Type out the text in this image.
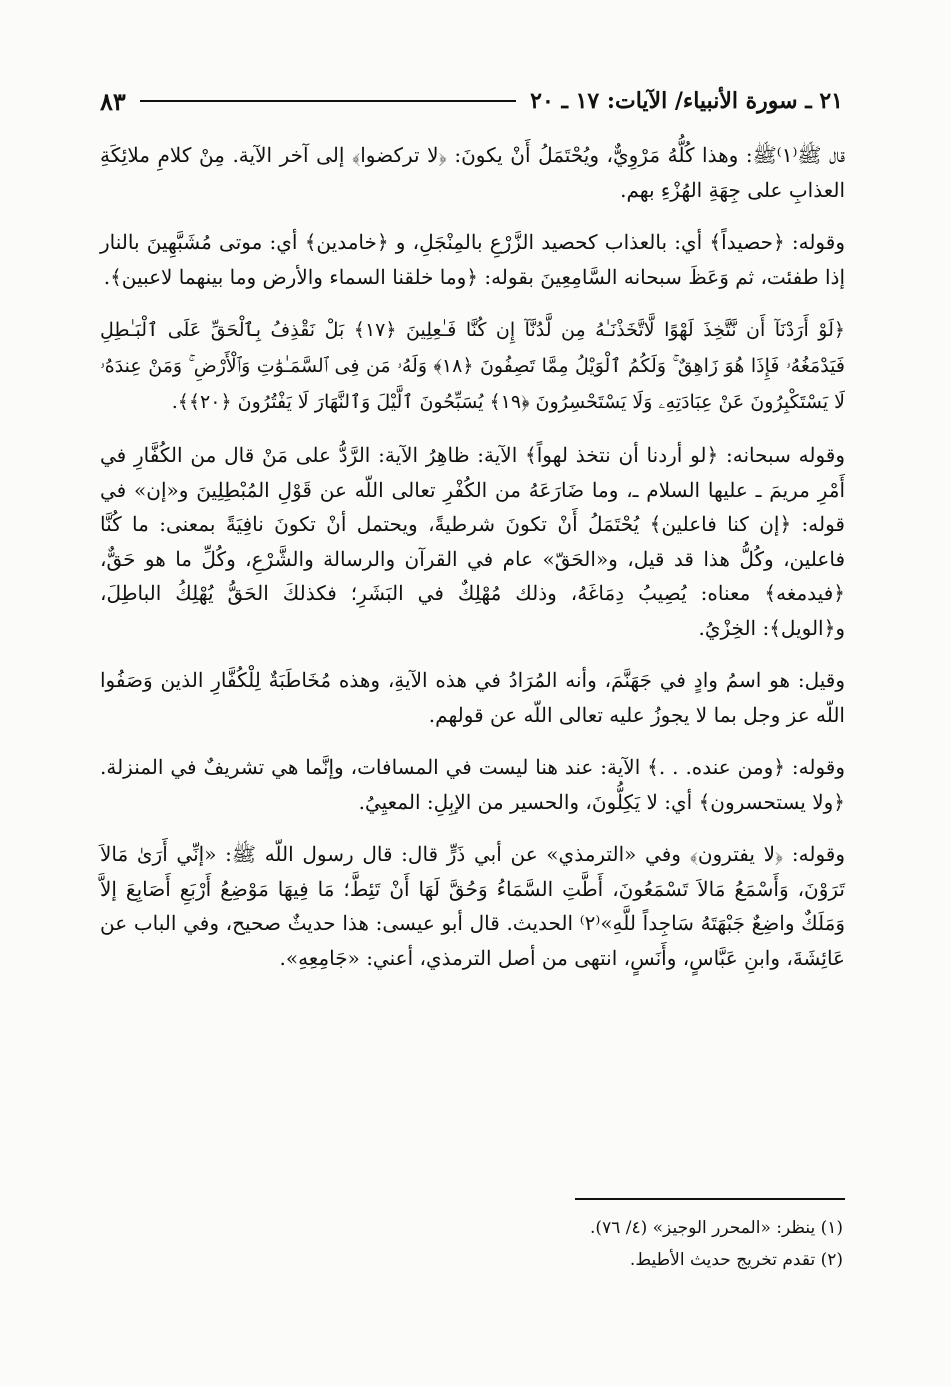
٢١ ـ سورة الأنبياء/ الآيات: ١٧ ـ ٢٠
٨٣

قال ﷺ⁽١⁾ﷺ: وهذا كُلُّهُ مَرْوِيٌّ، ويُحْتَمَلُ أَنْ يكونَ: ﴿لا تركضوا﴾ إلى آخر الآية. مِنْ كلامِ ملائِكَةِ العذابِ على جِهَةِ الهُزْءِ بهم.

وقوله: ﴿حصيداً﴾ أي: بالعذاب كحصيد الزَّرْعِ بالمِنْجَلِ، و ﴿خامدين﴾ أي: موتى مُشَبَّهِينَ بالنار إذا طفئت، ثم وَعَظَ سبحانه السَّامِعِينَ بقوله: ﴿وما خلقنا السماء والأرض وما بينهما لاعبين﴾.

﴿لَوْ أَرَدْنَآ أَن نَّتَّخِذَ لَهْوًا لَّاتَّخَذْنَـٰهُ مِن لَّدُنَّآ إِن كُنَّا فَـٰعِلِينَ ﴿١٧﴾ بَلْ نَقْذِفُ بِٱلْحَقِّ عَلَى ٱلْبَـٰطِلِ فَيَدْمَغُهُۥ فَإِذَا هُوَ زَاهِقٌ ۚ وَلَكُمُ ٱلْوَيْلُ مِمَّا تَصِفُونَ ﴿١٨﴾ وَلَهُۥ مَن فِى ٱلسَّمَـٰوَٰتِ وَٱلْأَرْضِ ۚ وَمَنْ عِندَهُۥ لَا يَسْتَكْبِرُونَ عَنْ عِبَادَتِهِۦ وَلَا يَسْتَحْسِرُونَ ﴿١٩﴾ يُسَبِّحُونَ ٱلَّيْلَ وَٱلنَّهَارَ لَا يَفْتُرُونَ ﴿٢٠﴾﴾.

وقوله سبحانه: ﴿لو أردنا أن نتخذ لهواً﴾ الآية: ظاهِرُ الآية: الرَّدُّ على مَنْ قال من الكُفَّارِ في أَمْرِ مريمَ ـ عليها السلام ـ، وما ضَارَعَهُ من الكُفْرِ تعالى اللّه عن قَوْلِ المُبْطِلِينَ و«إن» في قوله: ﴿إن كنا فاعلين﴾ يُحْتَمَلُ أَنْ تكونَ شرطيةً، ويحتمل أنْ تكونَ نافِيَةً بمعنى: ما كُنَّا فاعلين، وكُلُّ هذا قد قيل، و«الحَقّ» عام في القرآن والرسالة والشَّرْعِ، وكُلِّ ما هو حَقٌّ، ﴿فيدمغه﴾ معناه: يُصِيبُ دِمَاغَهُ، وذلك مُهْلِكٌ في البَشَرِ؛ فكذلكَ الحَقُّ يُهْلِكُ الباطِلَ، و﴿الويل﴾: الخِزْيُ.

وقيل: هو اسمُ وادٍ في جَهَنَّمَ، وأنه المُرَادُ في هذه الآيةِ، وهذه مُخَاطَبَةٌ لِلْكُفَّارِ الذين وَصَفُوا اللّه عز وجل بما لا يجوزُ عليه تعالى اللّه عن قولهم.

وقوله: ﴿ومن عنده. . .﴾ الآية: عند هنا ليست في المسافات، وإنَّما هي تشريفٌ في المنزلة. ﴿ولا يستحسرون﴾ أي: لا يَكِلُّونَ، والحسير من الإبِلِ: المعيِيُ.

وقوله: ﴿لا يفترون﴾ وفي «الترمذي» عن أبي ذَرٍّ قال: قال رسول اللّه ﷺ: «إنِّي أَرَىٰ مَالاَ تَرَوْنَ، وَأَسْمَعُ مَالاَ تَسْمَعُونَ، أَطَّتِ السَّمَاءُ وَحُقَّ لَهَا أَنْ تَئِطَّ؛ مَا فِيهَا مَوْضِعُ أَرْبَعِ أَصَابِعَ إلاَّ وَمَلَكٌ واضِعٌ جَبْهَتَهُ سَاجِداً للَّهِ»⁽٢⁾ الحديث. قال أبو عيسى: هذا حديثٌ صحيح، وفي الباب عن عَائِشَةَ، وابنِ عَبَّاسٍ، وأَنَسٍ، انتهى من أصل الترمذي، أعني: «جَامِعِهِ».

(١) ينظر: «المحرر الوجيز» (٤/ ٧٦).
(٢) تقدم تخريج حديث الأطيط.
